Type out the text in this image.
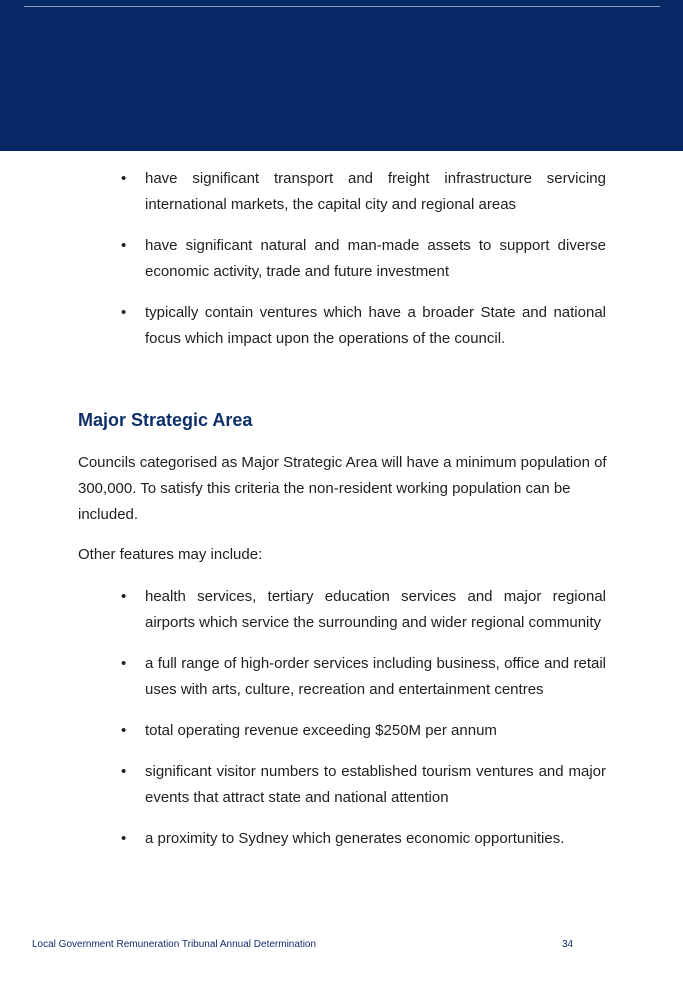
• have significant transport and freight infrastructure servicing international markets, the capital city and regional areas
• have significant natural and man-made assets to support diverse economic activity, trade and future investment
• typically contain ventures which have a broader State and national focus which impact upon the operations of the council.
Major Strategic Area

Councils categorised as Major Strategic Area will have a minimum population of 300,000. To satisfy this criteria the non-resident working population can be included.

Other features may include:

• health services, tertiary education services and major regional airports which service the surrounding and wider regional community
• a full range of high-order services including business, office and retail uses with arts, culture, recreation and entertainment centres
• total operating revenue exceeding $250M per annum
• significant visitor numbers to established tourism ventures and major events that attract state and national attention
• a proximity to Sydney which generates economic opportunities.
Local Government Remuneration Tribunal Annual Determination	34
